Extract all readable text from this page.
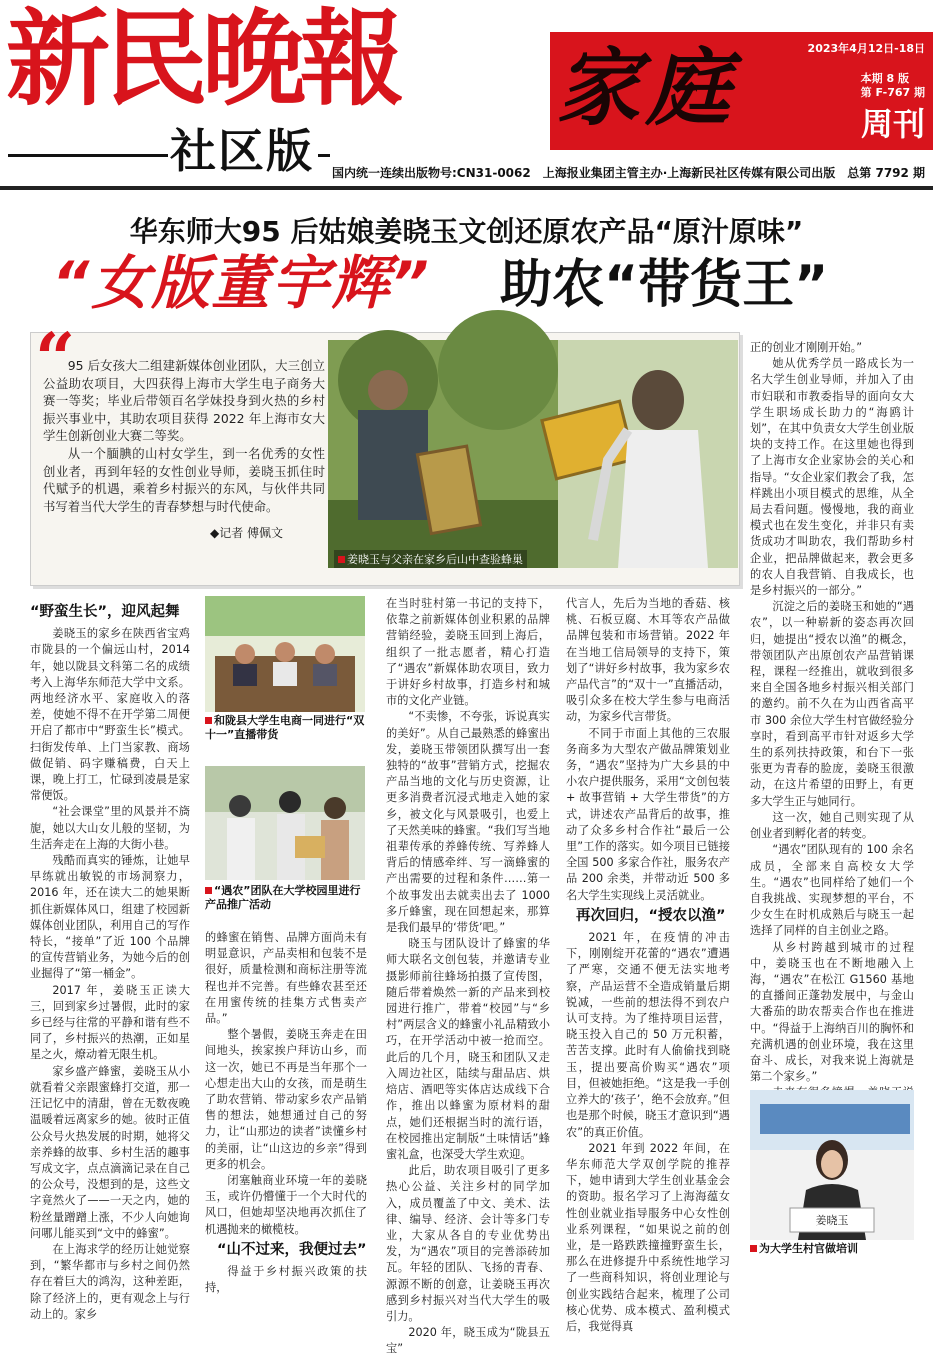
新民晚報
社区版
家庭	2023年4月12日-18日
本期 8 版
第 F-767 期
周刊
国内统一连续出版物号:CN31-0062　上海报业集团主管主办·上海新民社区传媒有限公司出版　总第 7792 期
华东师大95 后姑娘姜晓玉文创还原农产品“原汁原味”
“女版董宇辉” 助农“带货王”
“

95 后女孩大二组建新媒体创业团队，大三创立公益助农项目，大四获得上海市大学生电子商务大赛一等奖；毕业后带领百名学妹投身到火热的乡村振兴事业中，其助农项目获得 2022 年上海市女大学生创新创业大赛二等奖。

从一个腼腆的山村女学生，到一名优秀的女性创业者，再到年轻的女性创业导师，姜晓玉抓住时代赋予的机遇，乘着乡村振兴的东风，与伙伴共同书写着当代大学生的青春梦想与时代使命。

◆记者 傅佩文
姜晓玉与父亲在家乡后山中查验蜂巢
“野蛮生长”，迎风起舞

姜晓玉的家乡在陕西省宝鸡市陇县的一个偏远山村，2014 年，她以陇县文科第二名的成绩考入上海华东师范大学中文系。两地经济水平、家庭收入的落差，使她不得不在开学第二周便开启了都市中“野蛮生长”模式。扫街发传单、上门当家教、商场做促销、码字赚稿费，白天上课，晚上打工，忙碌到凌晨是家常便饭。

“社会课堂”里的风景并不旖旎，她以大山女儿般的坚韧，为生活奔走在上海的大街小巷。

残酷而真实的锤炼，让她早早练就出敏锐的市场洞察力，2016 年，还在读大二的她果断抓住新媒体风口，组建了校园新媒体创业团队，利用自己的写作特长，“接单”了近 100 个品牌的宣传营销业务，为她今后的创业掘得了“第一桶金”。

2017 年，姜晓玉正读大三，回到家乡过暑假，此时的家乡已经与往常的平静和谐有些不同了，乡村振兴的热潮，正如星星之火，燎动着无限生机。

家乡盛产蜂蜜，姜晓玉从小就看着父亲跟蜜蜂打交道，那一汪记忆中的清甜，曾在无数夜晚温暖着远离家乡的她。彼时正值公众号火热发展的时期，她将父亲养蜂的故事、乡村生活的趣事写成文字，点点滴滴记录在自己的公众号，没想到的是，这些文字竟然火了——一天之内，她的粉丝量蹭蹭上涨，不少人向她询问哪儿能买到“文中的蜂蜜”。

在上海求学的经历让她觉察到，“繁华都市与乡村之间仍然存在着巨大的鸿沟，这种差距，除了经济上的，更有观念上与行动上的。家乡

和陇县大学生电商一同进行“双十一”直播带货
“遇农”团队在大学校园里进行产品推广活动

的蜂蜜在销售、品牌方面尚未有明显意识，产品卖相和包装不是很好，质量检测和商标注册等流程也并不完善。有些蜂农甚至还在用蜜传统的挂集方式售卖产品。”

整个暑假，姜晓玉奔走在田间地头，挨家挨户拜访山乡，而这一次，她已不再是当年那个一心想走出大山的女孩，而是萌生了助农营销、带动家乡农产品销售的想法，她想通过自己的努力，让“山那边的读者”读懂乡村的美丽，让“山这边的乡亲”得到更多的机会。

闭塞触商业环境一年的姜晓玉，或许仍懵懂于一个大时代的风口，但她却坚决地再次抓住了机遇抛来的橄榄枝。

“山不过来，我便过去”

得益于乡村振兴政策的扶持，

在当时驻村第一书记的支持下，依靠之前新媒体创业积累的品牌营销经验，姜晓玉回到上海后，组织了一批志愿者，精心打造了“遇农”新媒体助农项目，致力于讲好乡村故事，打造乡村和城市的文化产业链。

“不卖惨，不夸张，诉说真实的美好”。从自己最熟悉的蜂蜜出发，姜晓玉带领团队撰写出一套独特的“故事”营销方式，挖掘农产品当地的文化与历史资源，让更多消费者沉浸式地走入她的家乡，被文化与风景吸引，也爱上了天然美味的蜂蜜。“我们写当地祖辈传承的养蜂传统、写养蜂人背后的情感牵绊、写一滴蜂蜜的产出需要的过程和条件……第一个故事发出去就卖出去了 1000 多斤蜂蜜，现在回想起来，那算是我们最早的‘带货’吧。”

晓玉与团队设计了蜂蜜的华师大联名文创包装，并邀请专业摄影师前往蜂场拍摄了宣传图，随后带着焕然一新的产品来到校园进行推广，带着“校园”与“乡村”两层含义的蜂蜜小礼品精致小巧，在开学活动中被一抢而空。此后的几个月，晓玉和团队又走入周边社区，陆续与甜品店、烘焙店、酒吧等实体店达成线下合作，推出以蜂蜜为原材料的甜点，她们还根据当时的流行语，在校园推出定制版“土味情话”蜂蜜礼盒，也深受大学生欢迎。

此后，助农项目吸引了更多热心公益、关注乡村的同学加入，成员覆盖了中文、美术、法律、编导、经济、会计等多门专业，大家从各自的专业优势出发，为“遇农”项目的完善添砖加瓦。年轻的团队、飞扬的青春、源源不断的创意，让姜晓玉再次感到乡村振兴对当代大学生的吸引力。

2020 年，晓玉成为“陇县五宝”

代言人，先后为当地的香菇、核桃、石板豆腐、木耳等农产品做品牌包装和市场营销。2022 年在当地工信局领导的支持下，策划了“讲好乡村故事，我为家乡农产品代言”的“双十一”直播活动，吸引众多在校大学生参与电商活动，为家乡代言带货。

不同于市面上其他的三农服务商多为大型农产做品牌策划业务，“遇农”坚持为广大乡县的中小农户提供服务，采用“文创包装 + 故事营销 + 大学生带货”的方式，讲述农产品背后的故事，推动了众多乡村合作社“最后一公里”工作的落实。如今项目已链接全国 500 多家合作社，服务农产品 200 余类，并带动近 500 多名大学生实现线上灵活就业。

再次回归，“授农以渔”

2021 年，在疫情的冲击下，刚刚绽开花蕾的“遇农”遭遇了严寒，交通不便无法实地考察，产品运营不全造成销量后期锐减，一些前的想法得不到农户认可支持。为了维持项目运营，晓玉投入自己的 50 万元积蓄，苦苦支撑。此时有人偷偷找到晓玉，提出要高价购买“遇农”项目，但被她拒绝。“这是我一手创立养大的‘孩子’，绝不会放弃。”但也是那个时候，晓玉才意识到“遇农”的真正价值。

2021 年到 2022 年间，在华东师范大学双创学院的推荐下，她申请到大学生创业基金会的资助。报名学习了上海海蕴女性创业就业指导服务中心女性创业系列课程，“如果说之前的创业，是一路跌跌撞撞野蛮生长，那么在进修提升中系统性地学习了一些商科知识，将创业理论与创业实践结合起来，梳理了公司核心优势、成本模式、盈利模式后，我觉得真

正的创业才刚刚开始。”

她从优秀学员一路成长为一名大学生创业导师，并加入了由市妇联和市教委指导的面向女大学生职场成长助力的“海鸥计划”，在其中负责女大学生创业版块的支持工作。在这里她也得到了上海市女企业家协会的关心和指导。“女企业家们教会了我，怎样跳出小项目模式的思维，从全局去看问题。慢慢地，我的商业模式也在发生变化，并非只有卖货成功才叫助农，我们帮助乡村企业，把品牌做起来，教会更多的农人自我营销、自我成长，也是乡村振兴的一部分。”

沉淀之后的姜晓玉和她的“遇农”，以一种崭新的姿态再次回归，她提出“授农以渔”的概念，带领团队产出原创农产品营销课程，课程一经推出，就收到很多来自全国各地乡村振兴相关部门的邀约。前不久在为山西省高平市 300 余位大学生村官做经验分享时，看到高平市针对返乡大学生的系列扶持政策，和台下一张张更为青春的脸庞，姜晓玉很激动，在这片希望的田野上，有更多大学生正与她同行。

这一次，她自己则实现了从创业者到孵化者的转变。

“遇农”团队现有的 100 余名成员，全部来自高校女大学生。“遇农”也同样给了她们一个自我挑战、实现梦想的平台，不少女生在时机成熟后与晓玉一起选择了同样的自主创业之路。

从乡村跨越到城市的过程中，姜晓玉也在不断地融入上海，“遇农”在松江 G1560 基地的直播间正蓬勃发展中，与金山大番茄的助农帮卖合作也在推进中。“得益于上海纳百川的胸怀和充满机遇的创业环境，我在这里奋斗、成长，对我来说上海就是第二个家乡。”

姜晓玉
为大学生村官做培训
